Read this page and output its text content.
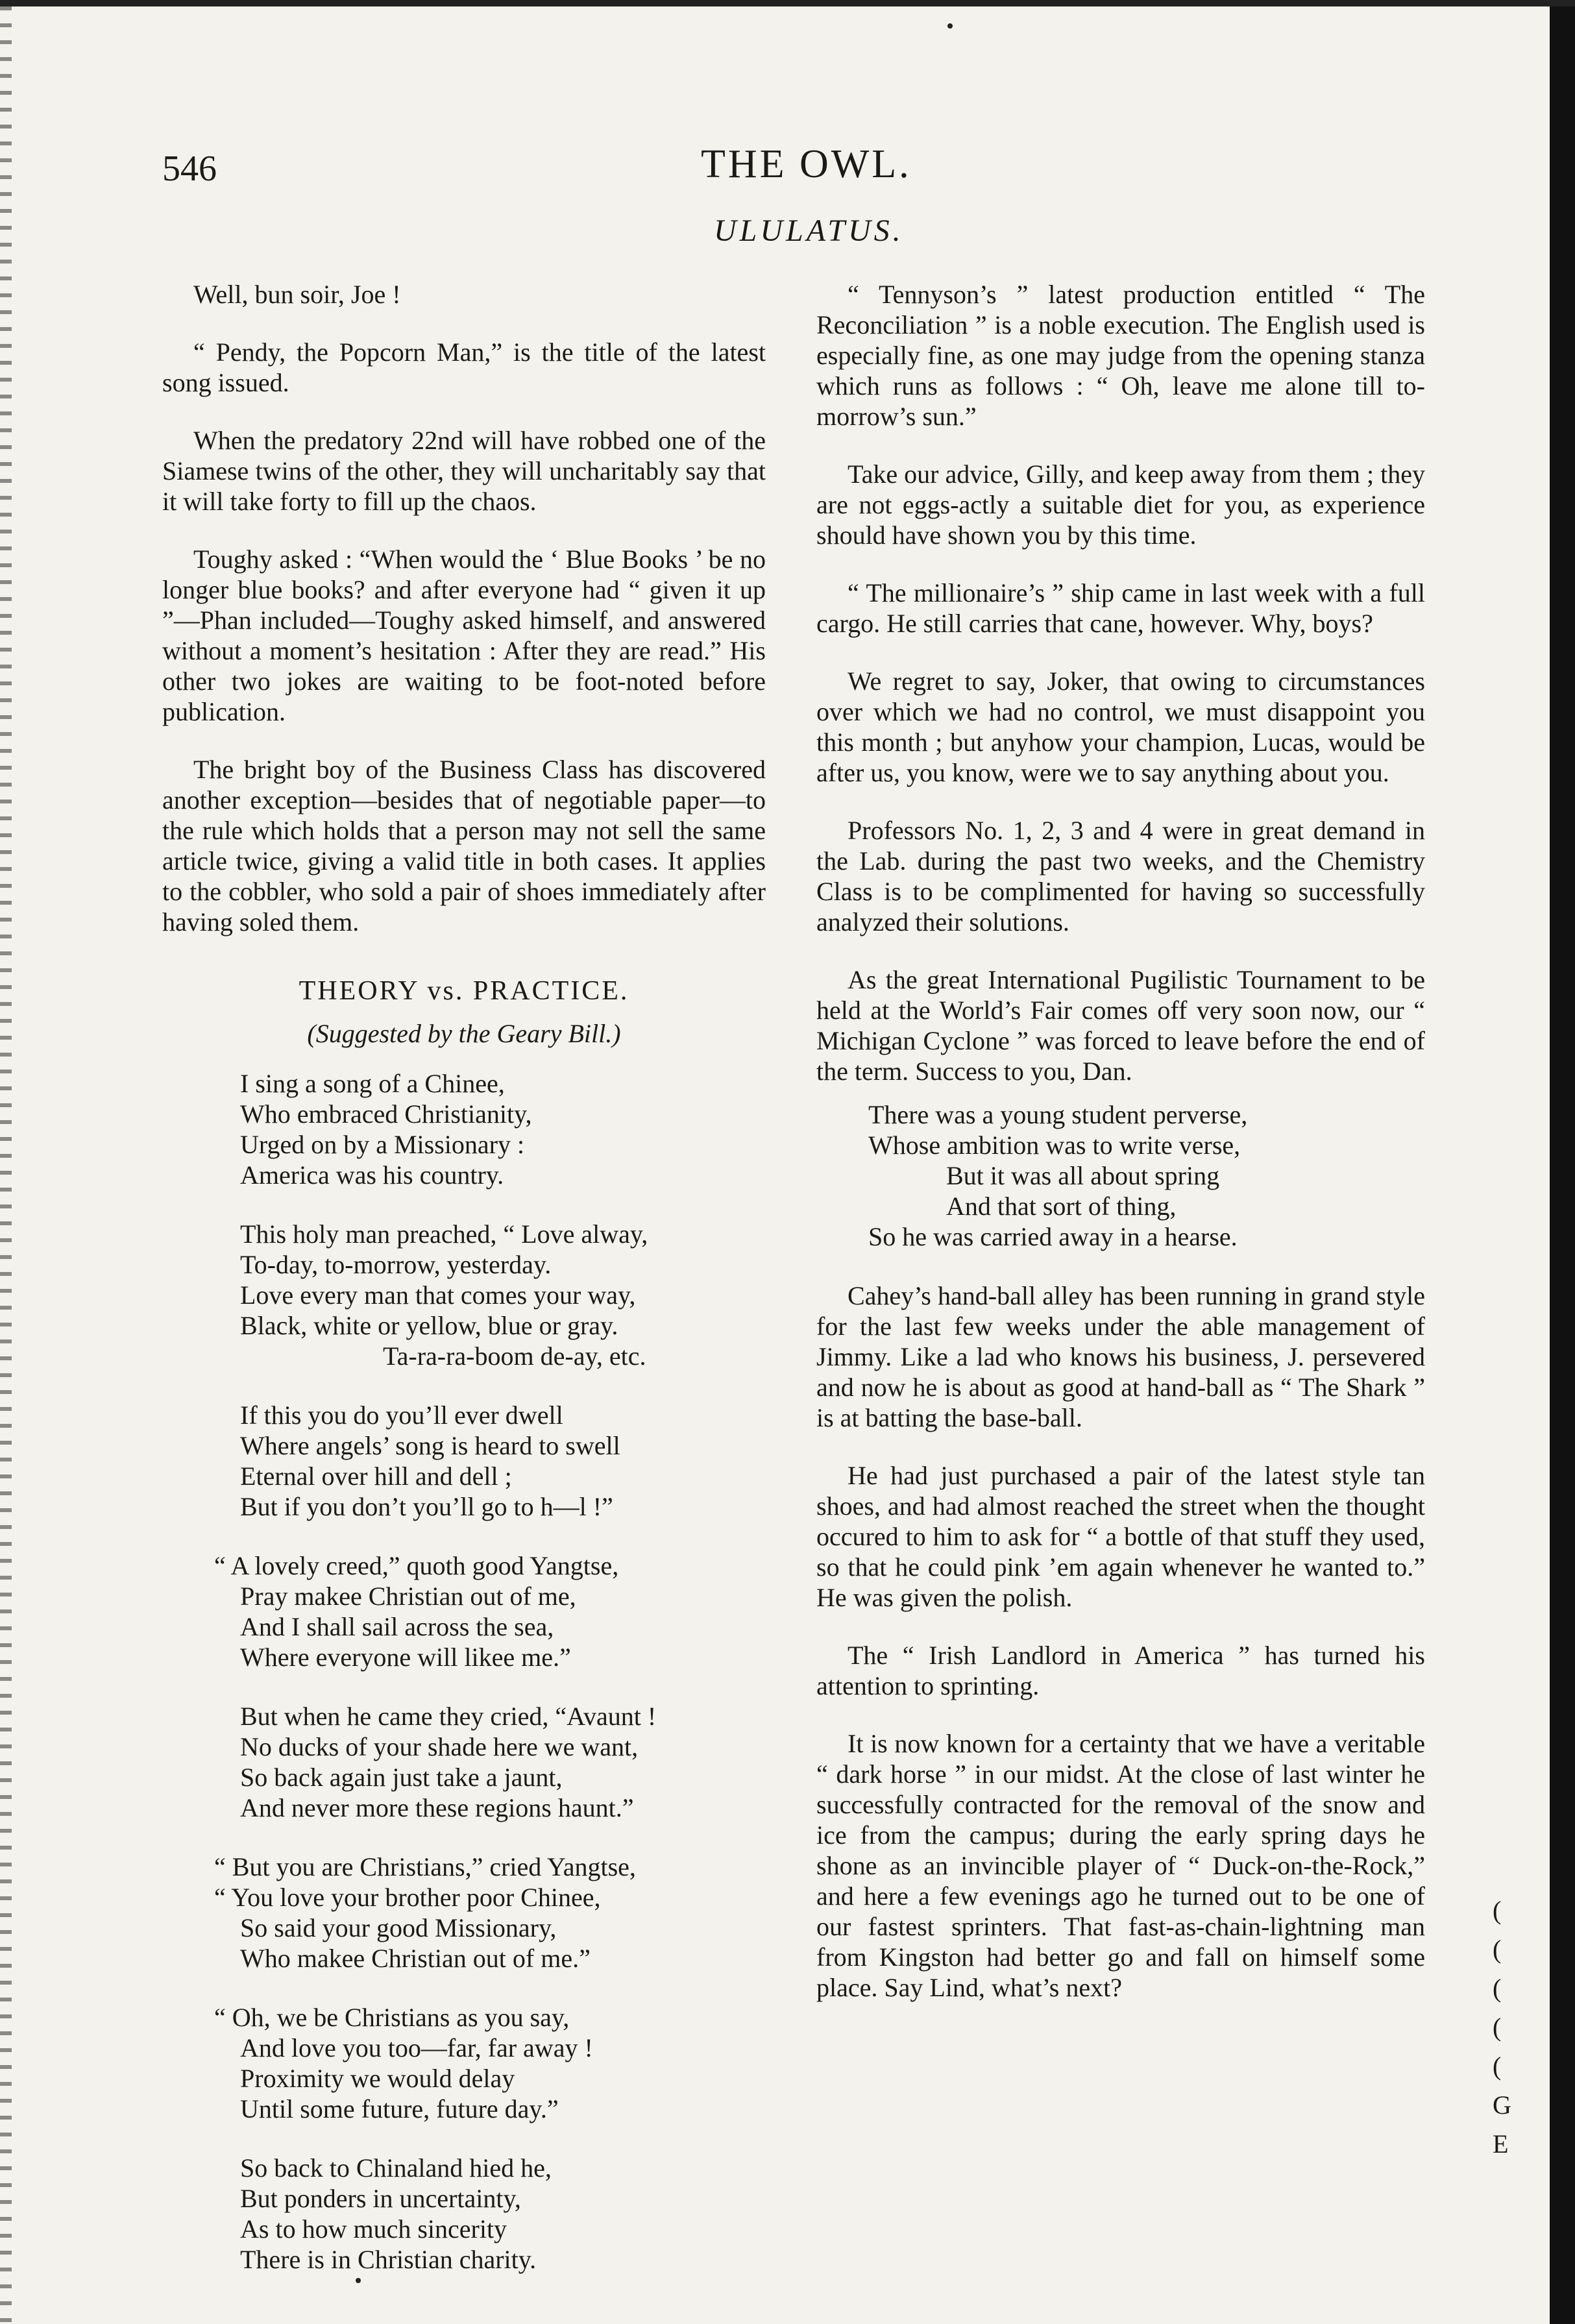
546	THE OWL.
ULULATUS.

Well, bun soir, Joe !

“ Pendy, the Popcorn Man,” is the title of the latest song issued.

When the predatory 22nd will have robbed one of the Siamese twins of the other, they will uncharitably say that it will take forty to fill up the chaos.

Toughy asked : “When would the ‘ Blue Books ’ be no longer blue books? and after everyone had “ given it up ”—Phan included—Toughy asked himself, and answered without a moment’s hesitation : After they are read.” His other two jokes are waiting to be foot-noted before publication.

The bright boy of the Business Class has discovered another exception—besides that of negotiable paper—to the rule which holds that a person may not sell the same article twice, giving a valid title in both cases. It applies to the cobbler, who sold a pair of shoes immediately after having soled them.

THEORY vs. PRACTICE.
(Suggested by the Geary Bill.)
I sing a song of a Chinee,
Who embraced Christianity,
Urged on by a Missionary :
America was his country.
This holy man preached, “ Love alway,
To-day, to-morrow, yesterday.
Love every man that comes your way,
Black, white or yellow, blue or gray.
Ta-ra-ra-boom de-ay, etc.
If this you do you’ll ever dwell
Where angels’ song is heard to swell
Eternal over hill and dell ;
But if you don’t you’ll go to h—l !”
“ A lovely creed,” quoth good Yangtse,
Pray makee Christian out of me,
And I shall sail across the sea,
Where everyone will likee me.”
But when he came they cried, “Avaunt !
No ducks of your shade here we want,
So back again just take a jaunt,
And never more these regions haunt.”
“ But you are Christians,” cried Yangtse,
“ You love your brother poor Chinee,
So said your good Missionary,
Who makee Christian out of me.”
“ Oh, we be Christians as you say,
And love you too—far, far away !
Proximity we would delay
Until some future, future day.”
So back to Chinaland hied he,
But ponders in uncertainty,
As to how much sincerity
There is in Christian charity.

“ Tennyson’s ” latest production entitled “ The Reconciliation ” is a noble execution. The English used is especially fine, as one may judge from the opening stanza which runs as follows : “ Oh, leave me alone till to-morrow’s sun.”

Take our advice, Gilly, and keep away from them ; they are not eggs-actly a suitable diet for you, as experience should have shown you by this time.

“ The millionaire’s ” ship came in last week with a full cargo. He still carries that cane, however. Why, boys?

We regret to say, Joker, that owing to circumstances over which we had no control, we must disappoint you this month ; but anyhow your champion, Lucas, would be after us, you know, were we to say anything about you.

Professors No. 1, 2, 3 and 4 were in great demand in the Lab. during the past two weeks, and the Chemistry Class is to be complimented for having so successfully analyzed their solutions.

As the great International Pugilistic Tournament to be held at the World’s Fair comes off very soon now, our “ Michigan Cyclone ” was forced to leave before the end of the term. Success to you, Dan.

There was a young student perverse,
Whose ambition was to write verse,
But it was all about spring
And that sort of thing,
So he was carried away in a hearse.

Cahey’s hand-ball alley has been running in grand style for the last few weeks under the able management of Jimmy. Like a lad who knows his business, J. persevered and now he is about as good at hand-ball as “ The Shark ” is at batting the base-ball.

He had just purchased a pair of the latest style tan shoes, and had almost reached the street when the thought occured to him to ask for “ a bottle of that stuff they used, so that he could pink ’em again whenever he wanted to.” He was given the polish.

The “ Irish Landlord in America ” has turned his attention to sprinting.

It is now known for a certainty that we have a veritable “ dark horse ” in our midst. At the close of last winter he successfully contracted for the removal of the snow and ice from the campus; during the early spring days he shone as an invincible player of “ Duck-on-the-Rock,” and here a few evenings ago he turned out to be one of our fastest sprinters. That fast-as-chain-lightning man from Kingston had better go and fall on himself some place. Say Lind, what’s next?

(
(
(
(
(
G
E
